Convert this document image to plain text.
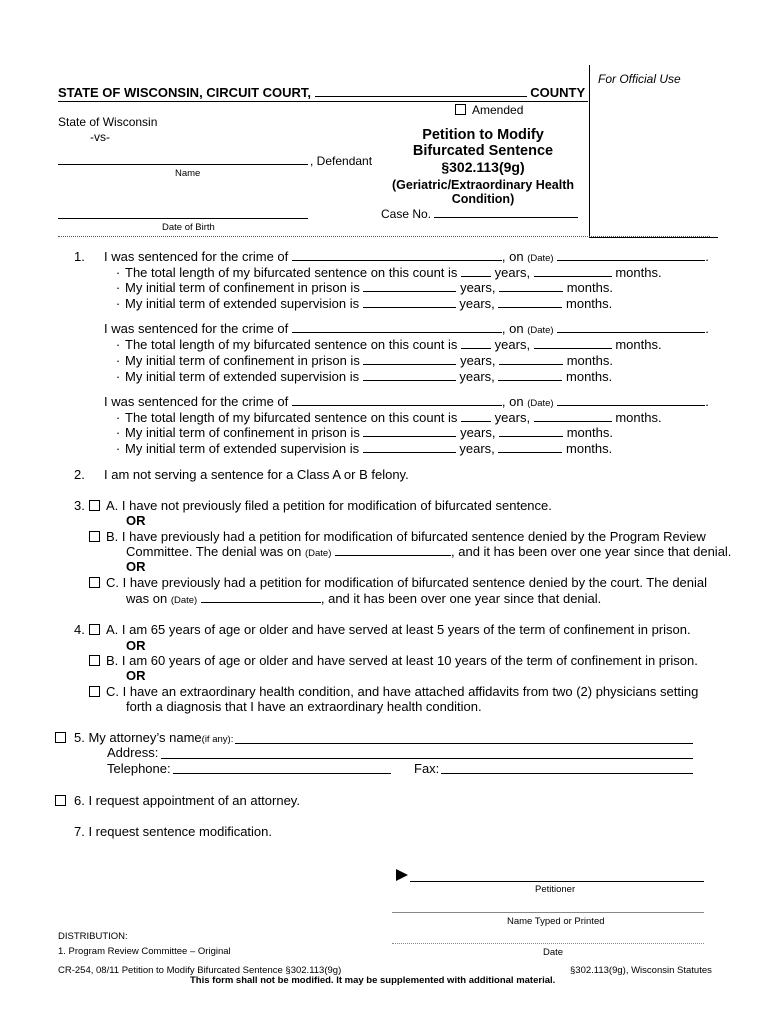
For Official Use
STATE OF WISCONSIN, CIRCUIT COURT,	COUNTY
Amended
State of Wisconsin
-vs-
, Defendant
Name
Date of Birth
Petition to Modify
Bifurcated Sentence
§302.113(9g)
(Geriatric/Extraordinary Health
Condition)
Case No.
1. I was sentenced for the crime of	, on (Date)	.
· The total length of my bifurcated sentence on this count is	years,	months.
· My initial term of confinement in prison is	years,	months.
· My initial term of extended supervision is	years,	months.
I was sentenced for the crime of	, on (Date)	.
· The total length of my bifurcated sentence on this count is	years,	months.
· My initial term of confinement in prison is	years,	months.
· My initial term of extended supervision is	years,	months.
I was sentenced for the crime of	, on (Date)	.
· The total length of my bifurcated sentence on this count is	years,	months.
· My initial term of confinement in prison is	years,	months.
· My initial term of extended supervision is	years,	months.
2. I am not serving a sentence for a Class A or B felony.
3.	A. I have not previously filed a petition for modification of bifurcated sentence.
OR
B. I have previously had a petition for modification of bifurcated sentence denied by the Program Review
Committee. The denial was on (Date)	, and it has been over one year since that denial.
OR
C. I have previously had a petition for modification of bifurcated sentence denied by the court. The denial
was on (Date)	, and it has been over one year since that denial.
4.	A. I am 65 years of age or older and have served at least 5 years of the term of confinement in prison.
OR
B. I am 60 years of age or older and have served at least 10 years of the term of confinement in prison.
OR
C. I have an extraordinary health condition, and have attached affidavits from two (2) physicians setting
forth a diagnosis that I have an extraordinary health condition.
5. My attorney’s name(if any):
Address:
Telephone:	Fax:
6. I request appointment of an attorney.
7. I request sentence modification.
Petitioner
Name Typed or Printed
Date
DISTRIBUTION:
1. Program Review Committee – Original
CR-254, 08/11 Petition to Modify Bifurcated Sentence §302.113(9g)	§302.113(9g), Wisconsin Statutes
This form shall not be modified. It may be supplemented with additional material.
